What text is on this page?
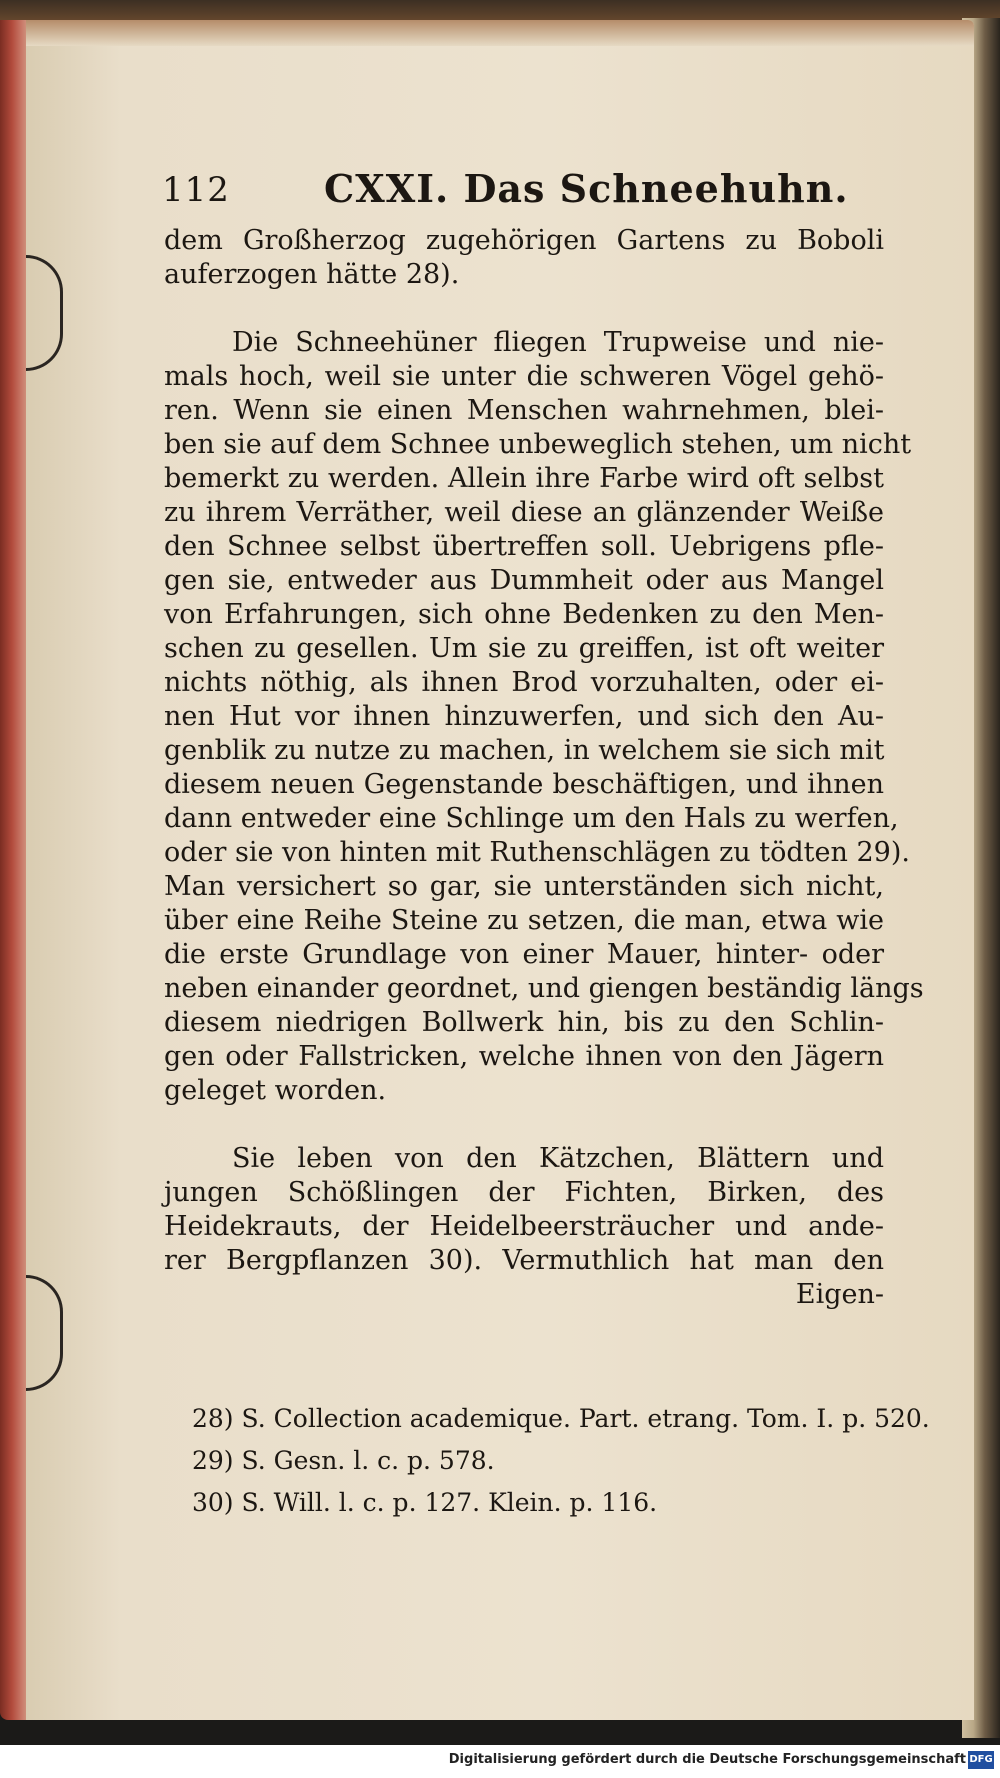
112 CXXI. Das Schneehuhn.
dem Großherzog zugehörigen Gartens zu Boboli
auferzogen hätte 28).
Die Schneehüner fliegen Trupweise und nie-
mals hoch, weil sie unter die schweren Vögel gehö-
ren. Wenn sie einen Menschen wahrnehmen, blei-
ben sie auf dem Schnee unbeweglich stehen, um nicht
bemerkt zu werden. Allein ihre Farbe wird oft selbst
zu ihrem Verräther, weil diese an glänzender Weiße
den Schnee selbst übertreffen soll. Uebrigens pfle-
gen sie, entweder aus Dummheit oder aus Mangel
von Erfahrungen, sich ohne Bedenken zu den Men-
schen zu gesellen. Um sie zu greiffen, ist oft weiter
nichts nöthig, als ihnen Brod vorzuhalten, oder ei-
nen Hut vor ihnen hinzuwerfen, und sich den Au-
genblik zu nutze zu machen, in welchem sie sich mit
diesem neuen Gegenstande beschäftigen, und ihnen
dann entweder eine Schlinge um den Hals zu werfen,
oder sie von hinten mit Ruthenschlägen zu tödten 29).
Man versichert so gar, sie unterständen sich nicht,
über eine Reihe Steine zu setzen, die man, etwa wie
die erste Grundlage von einer Mauer, hinter- oder
neben einander geordnet, und giengen beständig längs
diesem niedrigen Bollwerk hin, bis zu den Schlin-
gen oder Fallstricken, welche ihnen von den Jägern
geleget worden.
Sie leben von den Kätzchen, Blättern und
jungen Schößlingen der Fichten, Birken, des
Heidekrauts, der Heidelbeersträucher und ande-
rer Bergpflanzen 30). Vermuthlich hat man den
Eigen-
28) S. Collection academique. Part. etrang. Tom. I. p. 520.
29) S. Gesn. l. c. p. 578.
30) S. Will. l. c. p. 127. Klein. p. 116.
Digitalisierung gefördert durch die Deutsche Forschungsgemeinschaft DFG
